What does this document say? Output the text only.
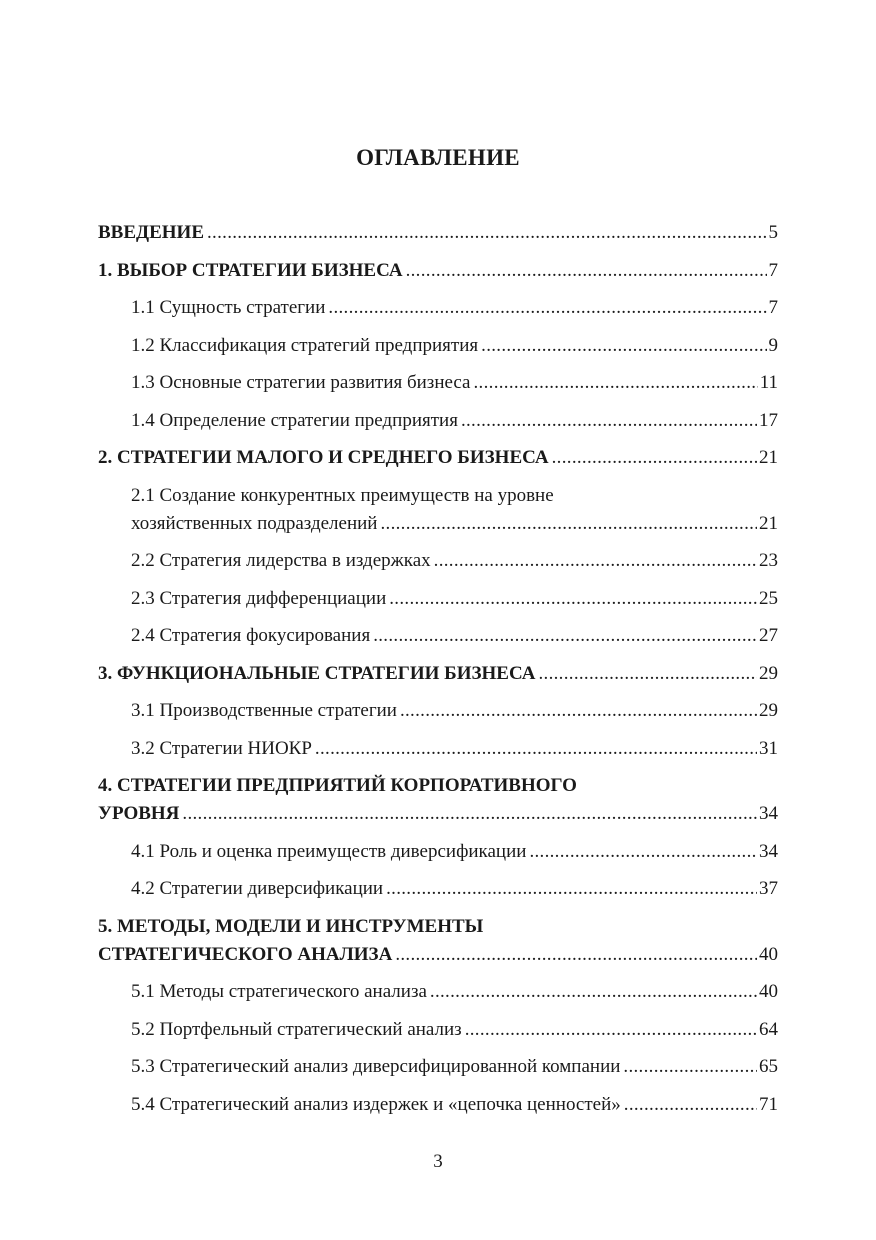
ОГЛАВЛЕНИЕ
ВВЕДЕНИЕ .....	5
1. ВЫБОР СТРАТЕГИИ БИЗНЕСА .....	7
1.1 Сущность стратегии .....	7
1.2 Классификация стратегий предприятия .....	9
1.3 Основные стратегии развития бизнеса .....	11
1.4 Определение стратегии предприятия .....	17
2. СТРАТЕГИИ МАЛОГО И СРЕДНЕГО БИЗНЕСА .....	21
2.1 Создание конкурентных преимуществ на уровне
хозяйственных подразделений .....	21
2.2 Стратегия лидерства в издержках .....	23
2.3 Стратегия дифференциации .....	25
2.4 Стратегия фокусирования .....	27
3. ФУНКЦИОНАЛЬНЫЕ СТРАТЕГИИ БИЗНЕСА .....	29
3.1 Производственные стратегии .....	29
3.2 Стратегии НИОКР .....	31
4. СТРАТЕГИИ ПРЕДПРИЯТИЙ КОРПОРАТИВНОГО
УРОВНЯ .....	34
4.1 Роль и оценка преимуществ диверсификации .....	34
4.2 Стратегии диверсификации .....	37
5. МЕТОДЫ, МОДЕЛИ И ИНСТРУМЕНТЫ
СТРАТЕГИЧЕСКОГО АНАЛИЗА .....	40
5.1 Методы стратегического анализа .....	40
5.2 Портфельный стратегический анализ .....	64
5.3 Стратегический анализ диверсифицированной компании .....	65
5.4 Стратегический анализ издержек и «цепочка ценностей» .....	71
3
